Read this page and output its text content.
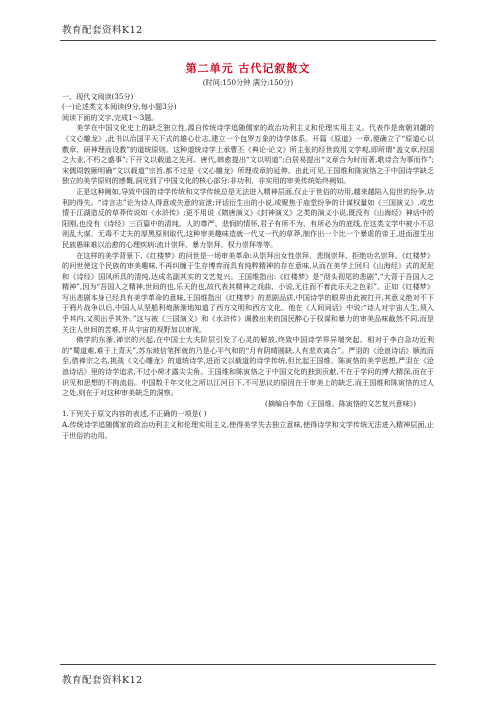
教育配套资料K12

第二单元 古代记叙散文

(时间:150分钟 满分:150分)

一、现代文阅读(35分)

(一)论述类文本阅读(9分,每小题3分)

阅读下面的文字,完成1～3题。

美学在中国文化史上的缺乏独立性,源自传统诗学追随儒家的政治功利主义和伦理实用主义。代表作是南朝刘勰的《文心雕龙》,此书以治国平天下式的雄心壮志,建立一个包罗万象的诗学体系。开篇《原道》一章,便确立了“原道心以敷章、研神理而设教”的道统原则。这种道统诗学上承曹丕《典论·论文》所主张的经世致用文学观,即所谓“盖文章,经国之大业,不朽之盛事”;下开文以载道之先河。唐代,韩愈提出“文以明道”;白居易提出“文章合为时而著,歌诗合为事而作”;宋儒周敦颐明确“文以载道”宗旨,都不过是《文心雕龙》所理或章的延伸。由此可见,王国维和陈寅恪之于中国诗学缺乏独立的美学原则的感慨,洞见到了中国文化的核心部分:非功利、非实用的审美传统始终阙如。

正是这种阙如,导致中国的诗学传统和文学传统总是无法进入精神层面,仅止于世俗的功用,越来越陷入俗世的纷争,功利的得失。“诗言志”论为诗人得意或失意的宣泄;评话衍生出的小说,或聚焦于庙堂纷争的计谋权量如《三国演义》,或忠情于江湖造反的草莽传说如《水浒传》;更不用说《隋唐演义》《封神演义》之类的演义小说,既没有《山海经》神话中的阳刚,也没有《诗经》三百篇中的清纯。人的尊严、悲悯的情怀,君子有所不为、有所必为的底线,在这类文学中被小不忍则乱大谋、无毒不丈夫的厚黑原则取代,这种审美趣味造就一代又一代的草莽,制作出一个比一个暴虐的帝王,进而滋生出民族愚昧难以治愈的心理疾病:流计崇拜、暴力崇拜、权力崇拜等等。

在这样的美学背景下,《红楼梦》的问世是一场审美革命:从崇拜出女性崇拜、悲悯崇拜、拒绝功名崇拜。《红楼梦》的问世使这个民族的审美趣味,不再纠缠于生存博弈而具有纯粹精神的存在意味,从而在美学上回归《山海经》式的泥泥和《诗经》国风所具的清纯,达成名副其实的文艺复兴。王国维指出:《红楼梦》是“彻头彻尾的悲剧”,“大背于吾国人之精神”,因为“吾国人之精神,世间的也,乐天的也,故代表其精神之戏曲、小说,无往而不着此乐天之色彩”。正如《红楼梦》写出悲剧本身已经具有美学革命的意味,王国维指出《红楼梦》的悲剧品质,中国诗学的眼界由此被打开,其意义绝对不下于鸦片战争以后,中国人从坚船利炮渐渐地知道了西方文明和西方文化。他在《人间词话》中说:“诗人对宇宙人生,须入乎其内,又须出乎其外。”这与被《三国演义》和《水浒传》调教出来的国民醉心于权谋和暴力的审美品味截然不同,而是关注人世间的苦难,并从宇宙的视野加以审视。

佛学的东渐,禅宗的兴起,在中国士大夫阶层引发了心灵的解放,终致中国诗学界异端突起。相对于李白急功近利的“蜀道难,难于上青天”,苏东坡信笔挥就的乃是心平气和的“月有阴晴圆缺,人有悲欢离合”。严羽的《沧浪诗话》顺流而至,借禅宗之名,挑战《文心雕龙》的道统诗学,进而文以载道的诗学传统,但比起王国维、陈寅恪的美学思想,严羽在《沧浪诗话》里的诗学追求,不过小荷才露尖尖角。王国维和陈寅恪之于中国文化的独到贡献,不在于学问的博大精深,而在于识见和思想的不拘流俗。中国数千年文化之所以江河日下,不可思议的原因在于审美上的缺乏,而王国维和陈寅恪的过人之处,则在于对这种审美缺乏的洞察。

(摘编自李劼《王国维、陈寅恪的文艺复兴意味》)

1.下列关于原文内容的表述,不正确的一项是( )

A.传统诗学追随儒家的政治功利主义和伦理实用主义,使得美学失去独立意味,使得诗学和文学传统无法进入精神层面,止于世俗的功用。

教育配套资料K12
